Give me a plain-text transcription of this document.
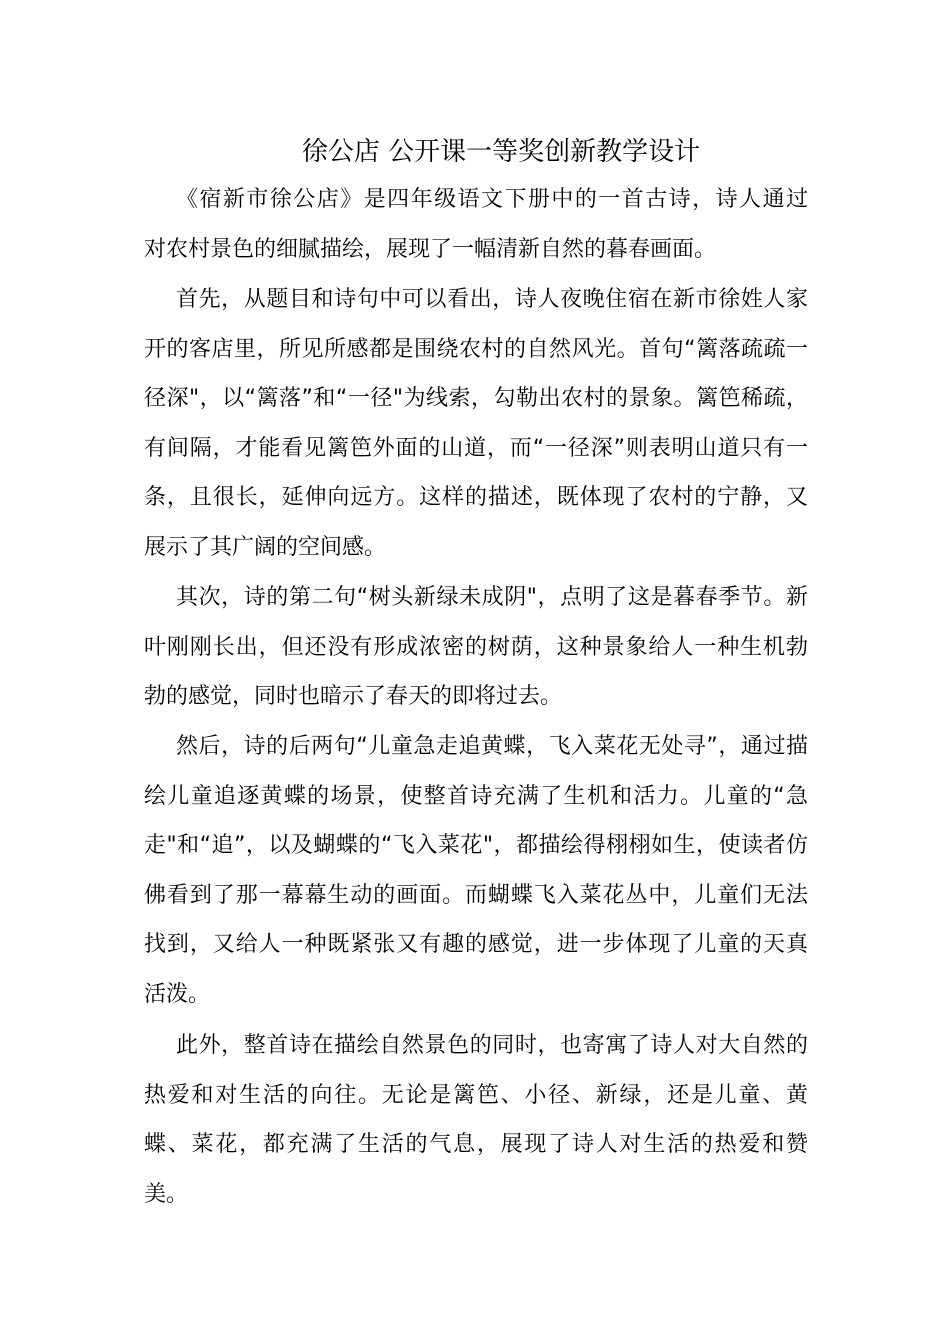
徐公店 公开课一等奖创新教学设计
《宿新市徐公店》是四年级语文下册中的一首古诗，诗人通过
对农村景色的细腻描绘，展现了一幅清新自然的暮春画面。
首先，从题目和诗句中可以看出，诗人夜晚住宿在新市徐姓人家
开的客店里，所见所感都是围绕农村的自然风光。首句“篱落疏疏一
径深"，以“篱落”和“一径"为线索，勾勒出农村的景象。篱笆稀疏，
有间隔，才能看见篱笆外面的山道，而“一径深”则表明山道只有一
条，且很长，延伸向远方。这样的描述，既体现了农村的宁静，又
展示了其广阔的空间感。
其次，诗的第二句“树头新绿未成阴"，点明了这是暮春季节。新
叶刚刚长出，但还没有形成浓密的树荫，这种景象给人一种生机勃
勃的感觉，同时也暗示了春天的即将过去。
然后，诗的后两句“儿童急走追黄蝶，飞入菜花无处寻”，通过描
绘儿童追逐黄蝶的场景，使整首诗充满了生机和活力。儿童的“急
走"和“追”，以及蝴蝶的“飞入菜花"，都描绘得栩栩如生，使读者仿
佛看到了那一幕幕生动的画面。而蝴蝶飞入菜花丛中，儿童们无法
找到，又给人一种既紧张又有趣的感觉，进一步体现了儿童的天真
活泼。
此外，整首诗在描绘自然景色的同时，也寄寓了诗人对大自然的
热爱和对生活的向往。无论是篱笆、小径、新绿，还是儿童、黄
蝶、菜花，都充满了生活的气息，展现了诗人对生活的热爱和赞
美。
